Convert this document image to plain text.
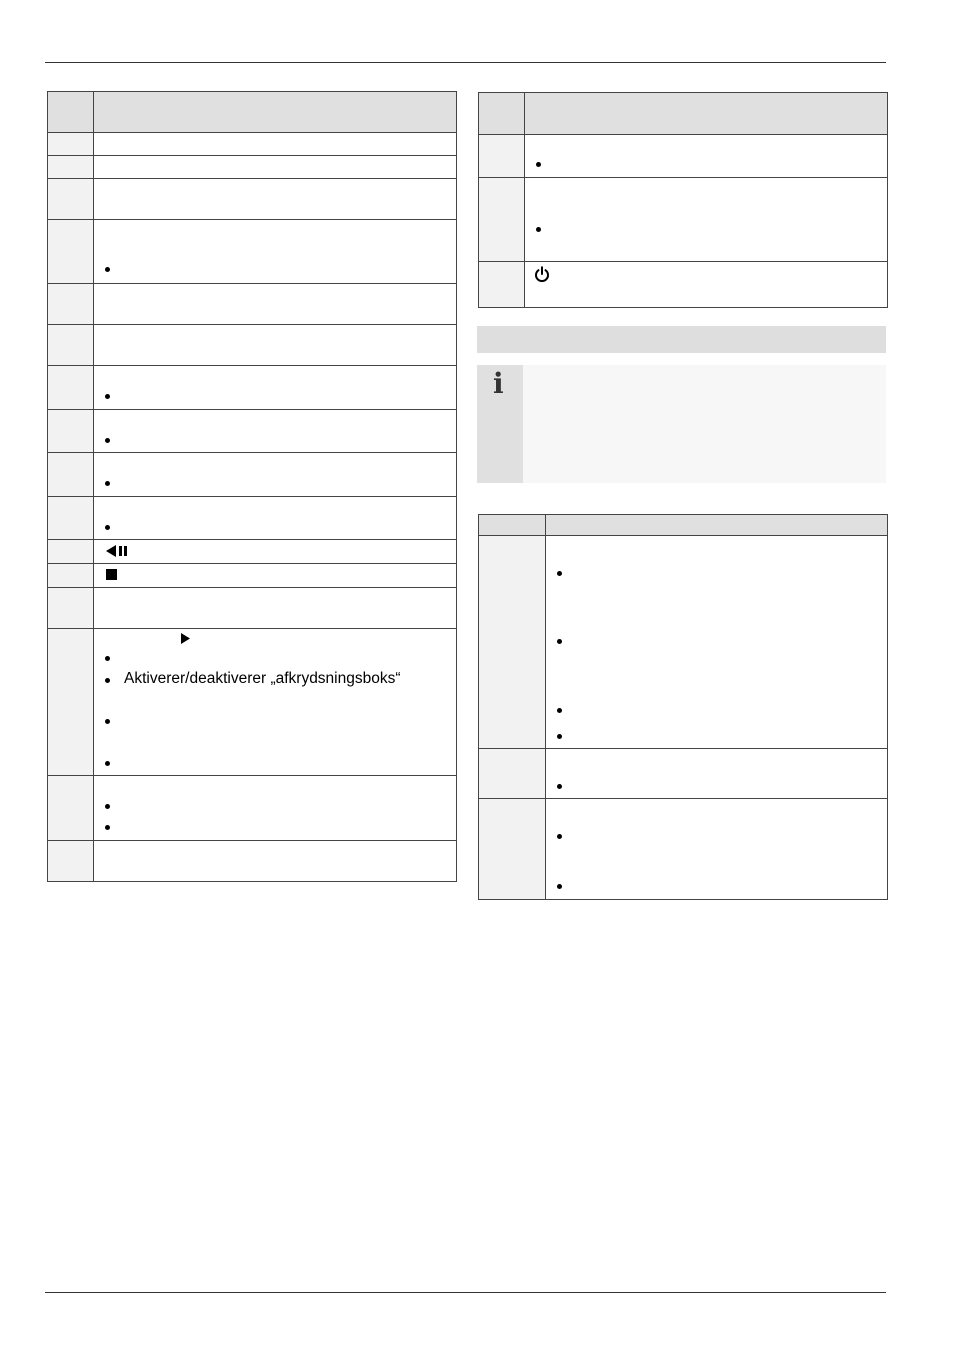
	Aktiverer/deaktiverer „afkrydsningsboks“

i
